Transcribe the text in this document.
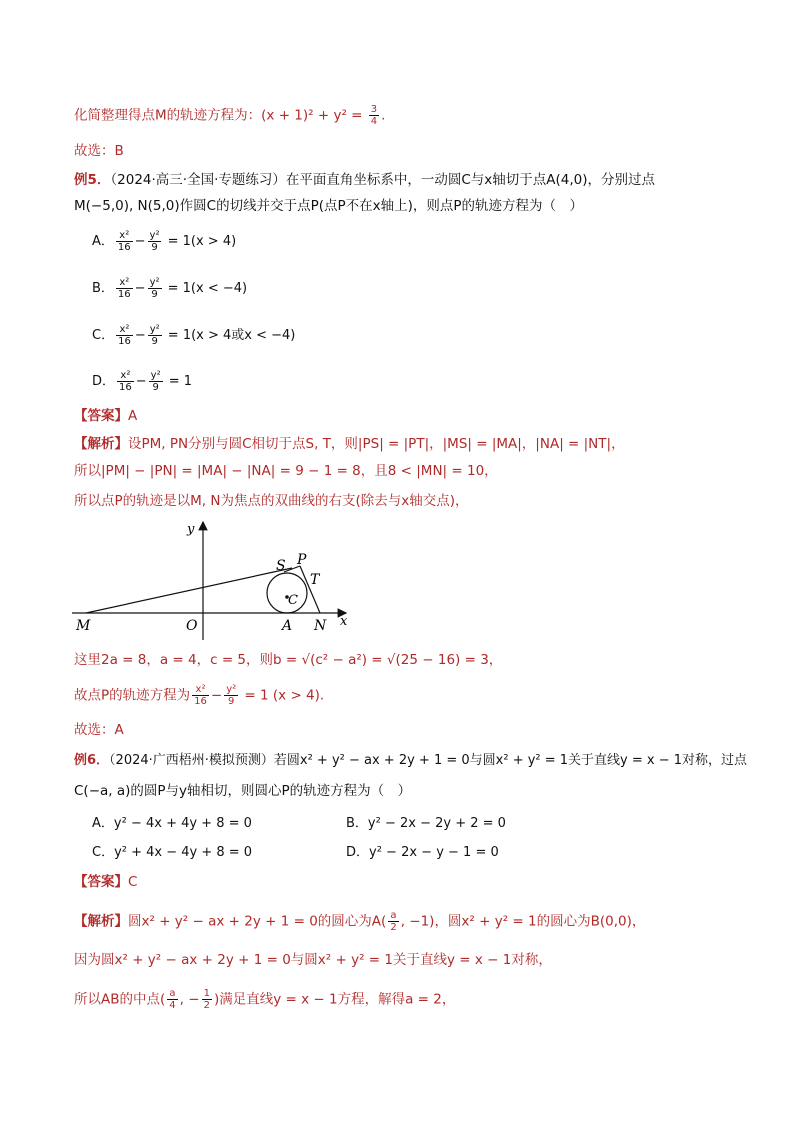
化简整理得点M的轨迹方程为：$(x + 1)^2 + y^2 = \frac{3}{4}$ .
故选：B
例5．（2024·高三·全国·专题练习）在平面直角坐标系中，一动圆C与x轴切于点A(4,0)，分别过点
M(−5,0), N(5,0)作圆C的切线并交于点P(点P不在x轴上)，则点P的轨迹方程为（　）
A． $\frac{\text{x²}}{16} - \frac{\text{y²}}{9} = 1(x > 4)$
B． $\frac{\text{x²}}{16} - \frac{\text{y²}}{9} = 1(x < -4)$
C． $\frac{\text{x²}}{16} - \frac{\text{y²}}{9} = 1(x > 4$或x < −4)
D． $\frac{\text{x²}}{16} - \frac{\text{y²}}{9} = 1$
【答案】A
【解析】设PM, PN分别与圆C相切于点S, T，则|PS| = |PT|，|MS| = |MA|，|NA| = |NT|，
所以|PM| − |PN| = |MA| − |NA| = 9 − 1 = 8，且8 < |MN| = 10，
所以点P的轨迹是以M, N为焦点的双曲线的右支(除去与x轴交点)，
y
x
M	O	A N
S P
T
C
这里2a = 8，a = 4，c = 5，则b = √(c² − a²) = √(25 − 16) = 3，
故点P的轨迹方程为 $\frac{\text{x²}}{16} - \frac{\text{y²}}{9} = 1$ (x > 4).
故选：A
例6．（2024·广西梧州·模拟预测）若圆x² + y² − ax + 2y + 1 = 0与圆x² + y² = 1关于直线y = x − 1对称，过点
C(−a, a)的圆P与y轴相切，则圆心P的轨迹方程为（　）
A．y² − 4x + 4y + 8 = 0	B．y² − 2x − 2y + 2 = 0
C．y² + 4x − 4y + 8 = 0	D．y² − 2x − y − 1 = 0
【答案】C
【解析】圆x² + y² − ax + 2y + 1 = 0的圆心为$A( \frac{a}{2}$ , −1)，圆x² + y² = 1的圆心为B(0,0)，
因为圆x² + y² − ax + 2y + 1 = 0与圆x² + y² = 1关于直线y = x − 1对称，
所以AB的中点( $\frac{a}{4}$ , − $\frac{1}{2}$ )满足直线y = x − 1方程，解得a = 2，
